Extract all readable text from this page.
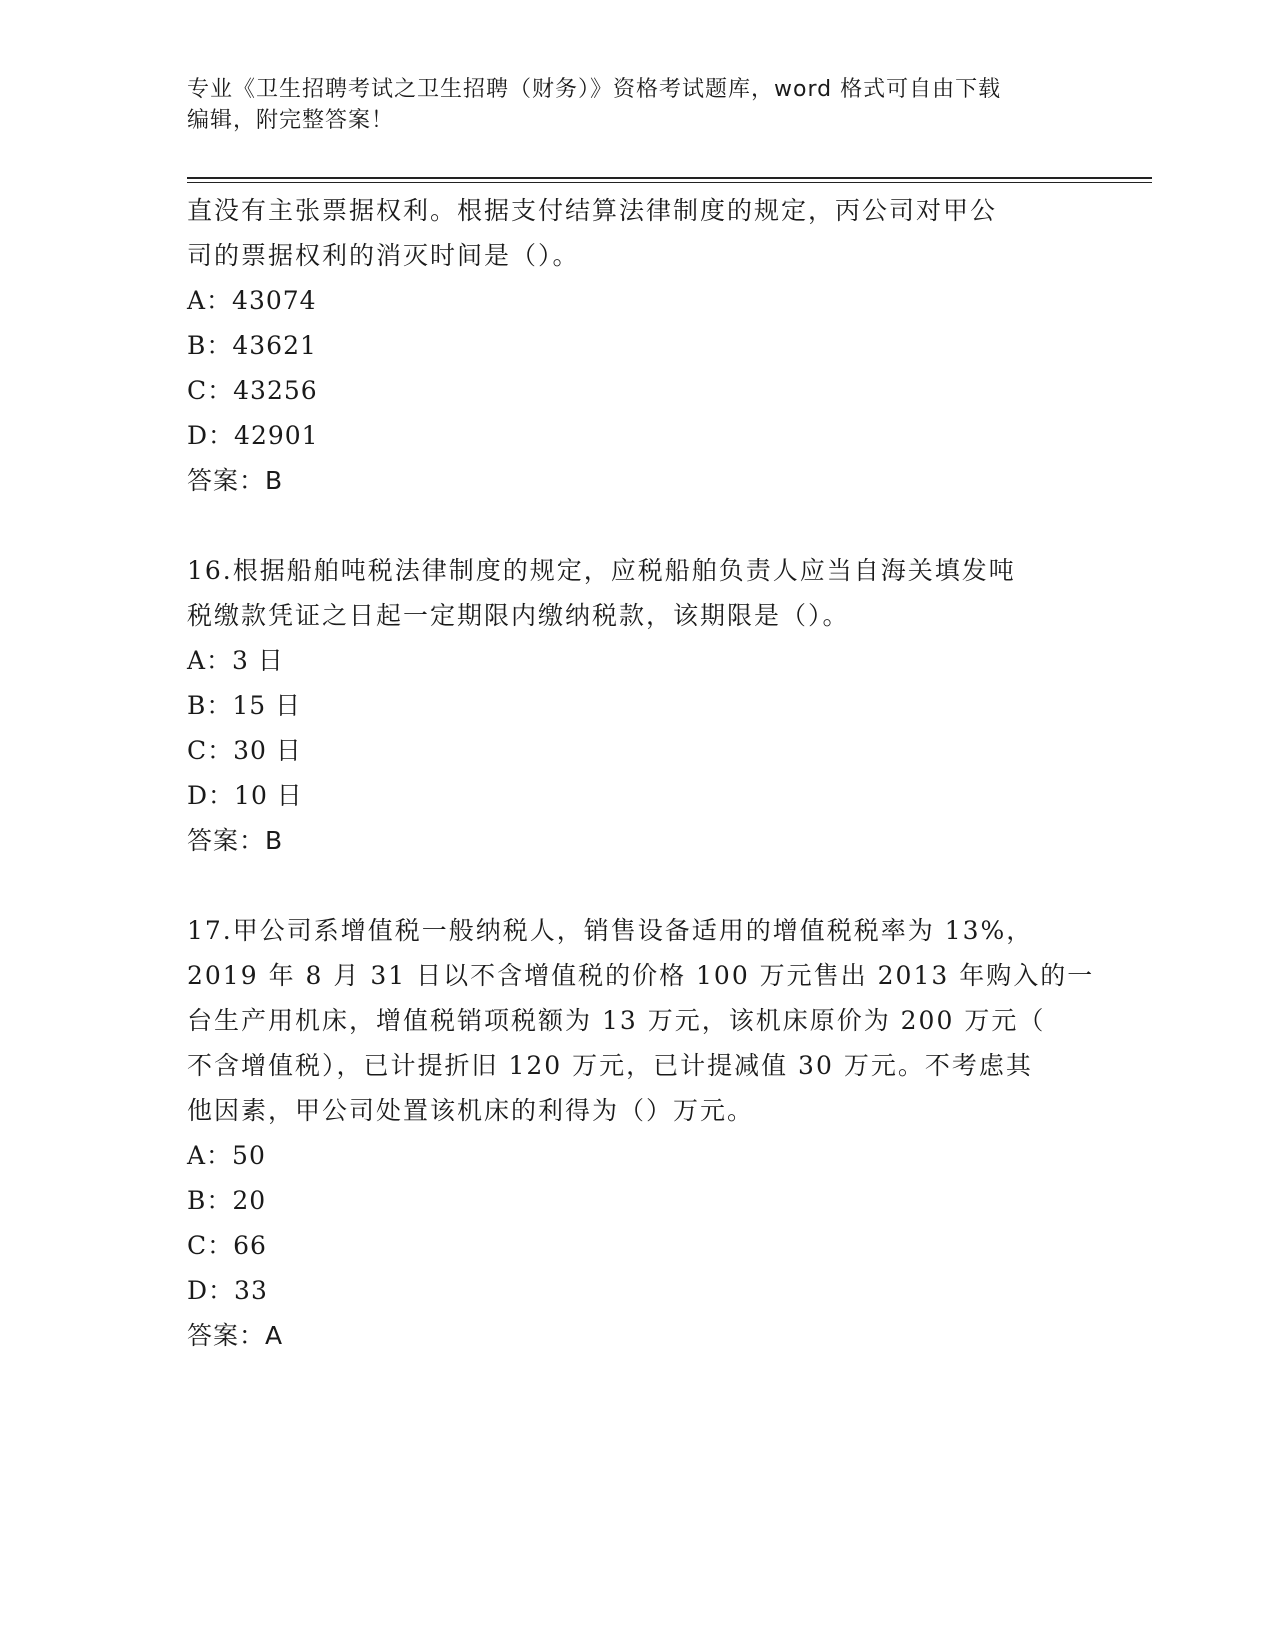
专业《卫生招聘考试之卫生招聘（财务）》资格考试题库，word 格式可自由下载
编辑，附完整答案！
直没有主张票据权利。根据支付结算法律制度的规定，丙公司对甲公
司的票据权利的消灭时间是（）。
A：43074
B：43621
C：43256
D：42901
答案：B
16.根据船舶吨税法律制度的规定，应税船舶负责人应当自海关填发吨
税缴款凭证之日起一定期限内缴纳税款，该期限是（）。
A：3 日
B：15 日
C：30 日
D：10 日
答案：B
17.甲公司系增值税一般纳税人，销售设备适用的增值税税率为 13%，
2019 年 8 月 31 日以不含增值税的价格 100 万元售出 2013 年购入的一
台生产用机床，增值税销项税额为 13 万元，该机床原价为 200 万元（
不含增值税），已计提折旧 120 万元，已计提减值 30 万元。不考虑其
他因素，甲公司处置该机床的利得为（）万元。
A：50
B：20
C：66
D：33
答案：A
